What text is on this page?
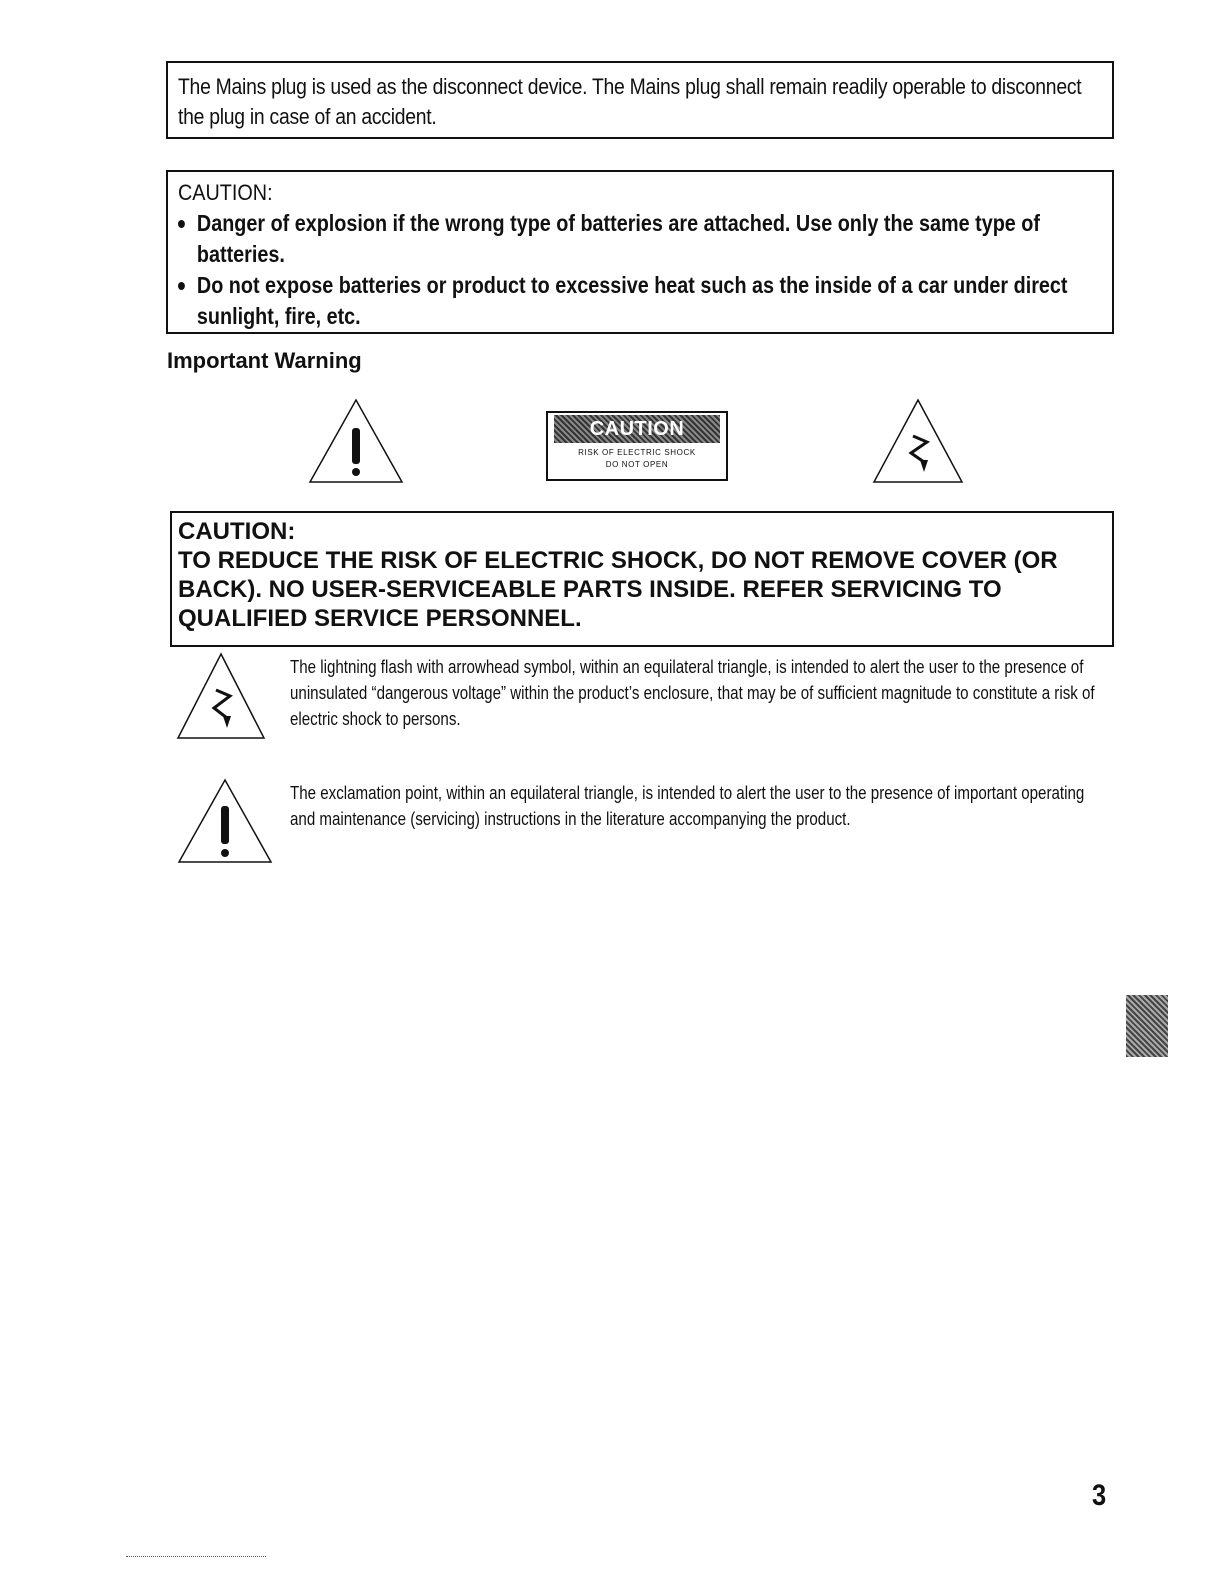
The Mains plug is used as the disconnect device. The Mains plug shall remain readily operable to disconnect the plug in case of an accident.

CAUTION:

Danger of explosion if the wrong type of batteries are attached. Use only the same type of batteries.
Do not expose batteries or product to excessive heat such as the inside of a car under direct sunlight, fire, etc.
Important Warning
CAUTION
RISK OF ELECTRIC SHOCK
DO NOT OPEN

CAUTION:

TO REDUCE THE RISK OF ELECTRIC SHOCK, DO NOT REMOVE COVER (OR BACK). NO USER-SERVICEABLE PARTS INSIDE. REFER SERVICING TO QUALIFIED SERVICE PERSONNEL.

The lightning flash with arrowhead symbol, within an equilateral triangle, is intended to alert the user to the presence of uninsulated “dangerous voltage” within the product’s enclosure, that may be of sufficient magnitude to constitute a risk of electric shock to persons.

The exclamation point, within an equilateral triangle, is intended to alert the user to the presence of important operating and maintenance (servicing) instructions in the literature accompanying the product.

3
